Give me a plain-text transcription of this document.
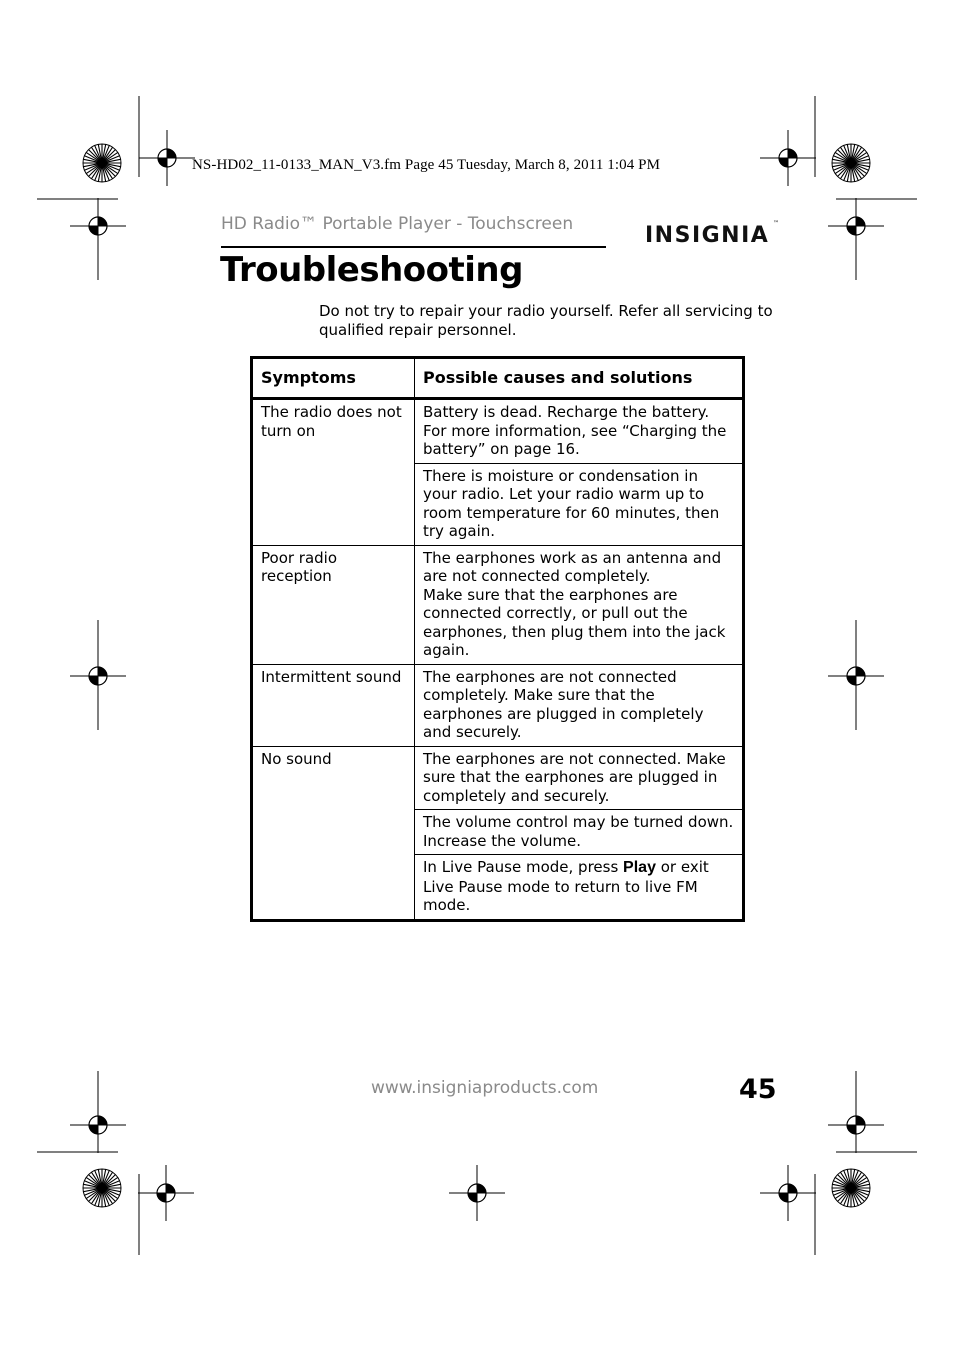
NS-HD02_11-0133_MAN_V3.fm Page 45 Tuesday, March 8, 2011 1:04 PM
HD Radio™ Portable Player - Touchscreen	INSIGNIA ™
Troubleshooting
Do not try to repair your radio yourself. Refer all servicing to qualified repair personnel.
Symptoms	Possible causes and solutions
The radio does not turn on	Battery is dead. Recharge the battery. For more information, see “Charging the battery” on page 16.
	There is moisture or condensation in your radio. Let your radio warm up to room temperature for 60 minutes, then try again.
Poor radio reception	The earphones work as an antenna and are not connected completely.
Make sure that the earphones are connected correctly, or pull out the earphones, then plug them into the jack again.

Intermittent sound	The earphones are not connected completely. Make sure that the earphones are plugged in completely and securely.
No sound	The earphones are not connected. Make sure that the earphones are plugged in completely and securely.
	The volume control may be turned down. Increase the volume.
	In Live Pause mode, press Play or exit Live Pause mode to return to live FM mode.
www.insigniaproducts.com	45
